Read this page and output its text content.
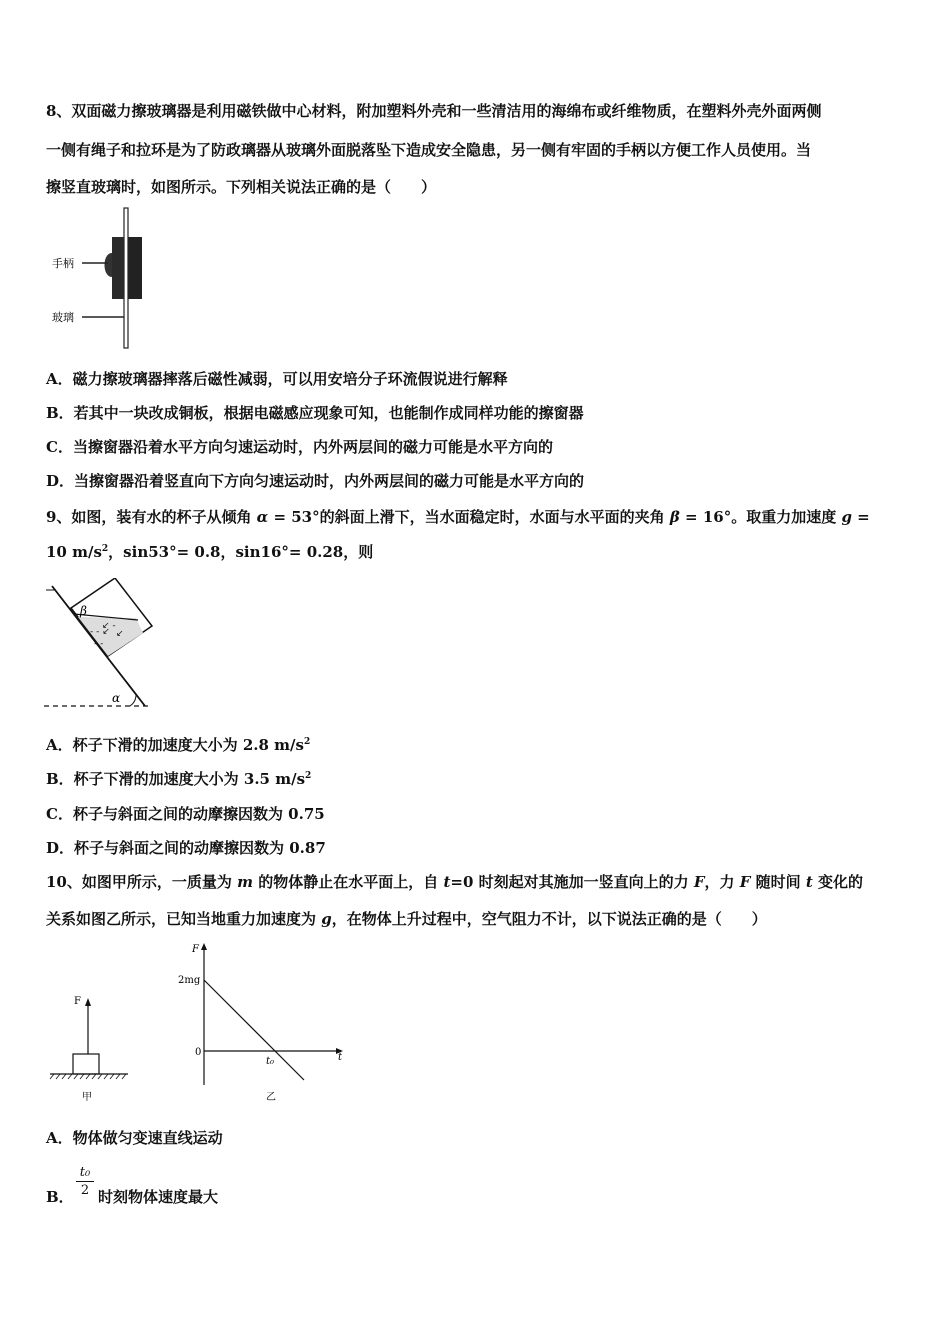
8、双面磁力擦玻璃器是利用磁铁做中心材料，附加塑料外壳和一些清洁用的海绵布或纤维物质，在塑料外壳外面两侧
一侧有绳子和拉环是为了防政璃器从玻璃外面脱落坠下造成安全隐患，另一侧有牢固的手柄以方便工作人员使用。当
擦竖直玻璃时，如图所示。下列相关说法正确的是（　　）
手柄
玻璃
A．磁力擦玻璃器摔落后磁性减弱，可以用安培分子环流假说进行解释
B．若其中一块改成铜板，根据电磁感应现象可知，也能制作成同样功能的擦窗器
C．当擦窗器沿着水平方向匀速运动时，内外两层间的磁力可能是水平方向的
D．当擦窗器沿着竖直向下方向匀速运动时，内外两层间的磁力可能是水平方向的
9、如图，装有水的杯子从倾角 α = 53°的斜面上滑下，当水面稳定时，水面与水平面的夹角 β = 16°。取重力加速度 g =
10 $m/s^2$，sin53°= 0.8，sin16°= 0.28，则
‑ ‑ ↙
↙ ‑
‑ ‑
↙
β
α
A．杯子下滑的加速度大小为 2.8 $m/s^2$
B．杯子下滑的加速度大小为 3.5 $m/s^2$
C．杯子与斜面之间的动摩擦因数为 0.75
D．杯子与斜面之间的动摩擦因数为 0.87
10、如图甲所示，一质量为 m 的物体静止在水平面上，自 t=0 时刻起对其施加一竖直向上的力 F，力 F 随时间 t 变化的
关系如图乙所示，已知当地重力加速度为 g，在物体上升过程中，空气阻力不计，以下说法正确的是（　　）
F
甲
F
2mg
0
t₀	t
乙
A．物体做匀变速直线运动
B． $\frac{\text{t₀}}{2}$ 时刻物体速度最大
